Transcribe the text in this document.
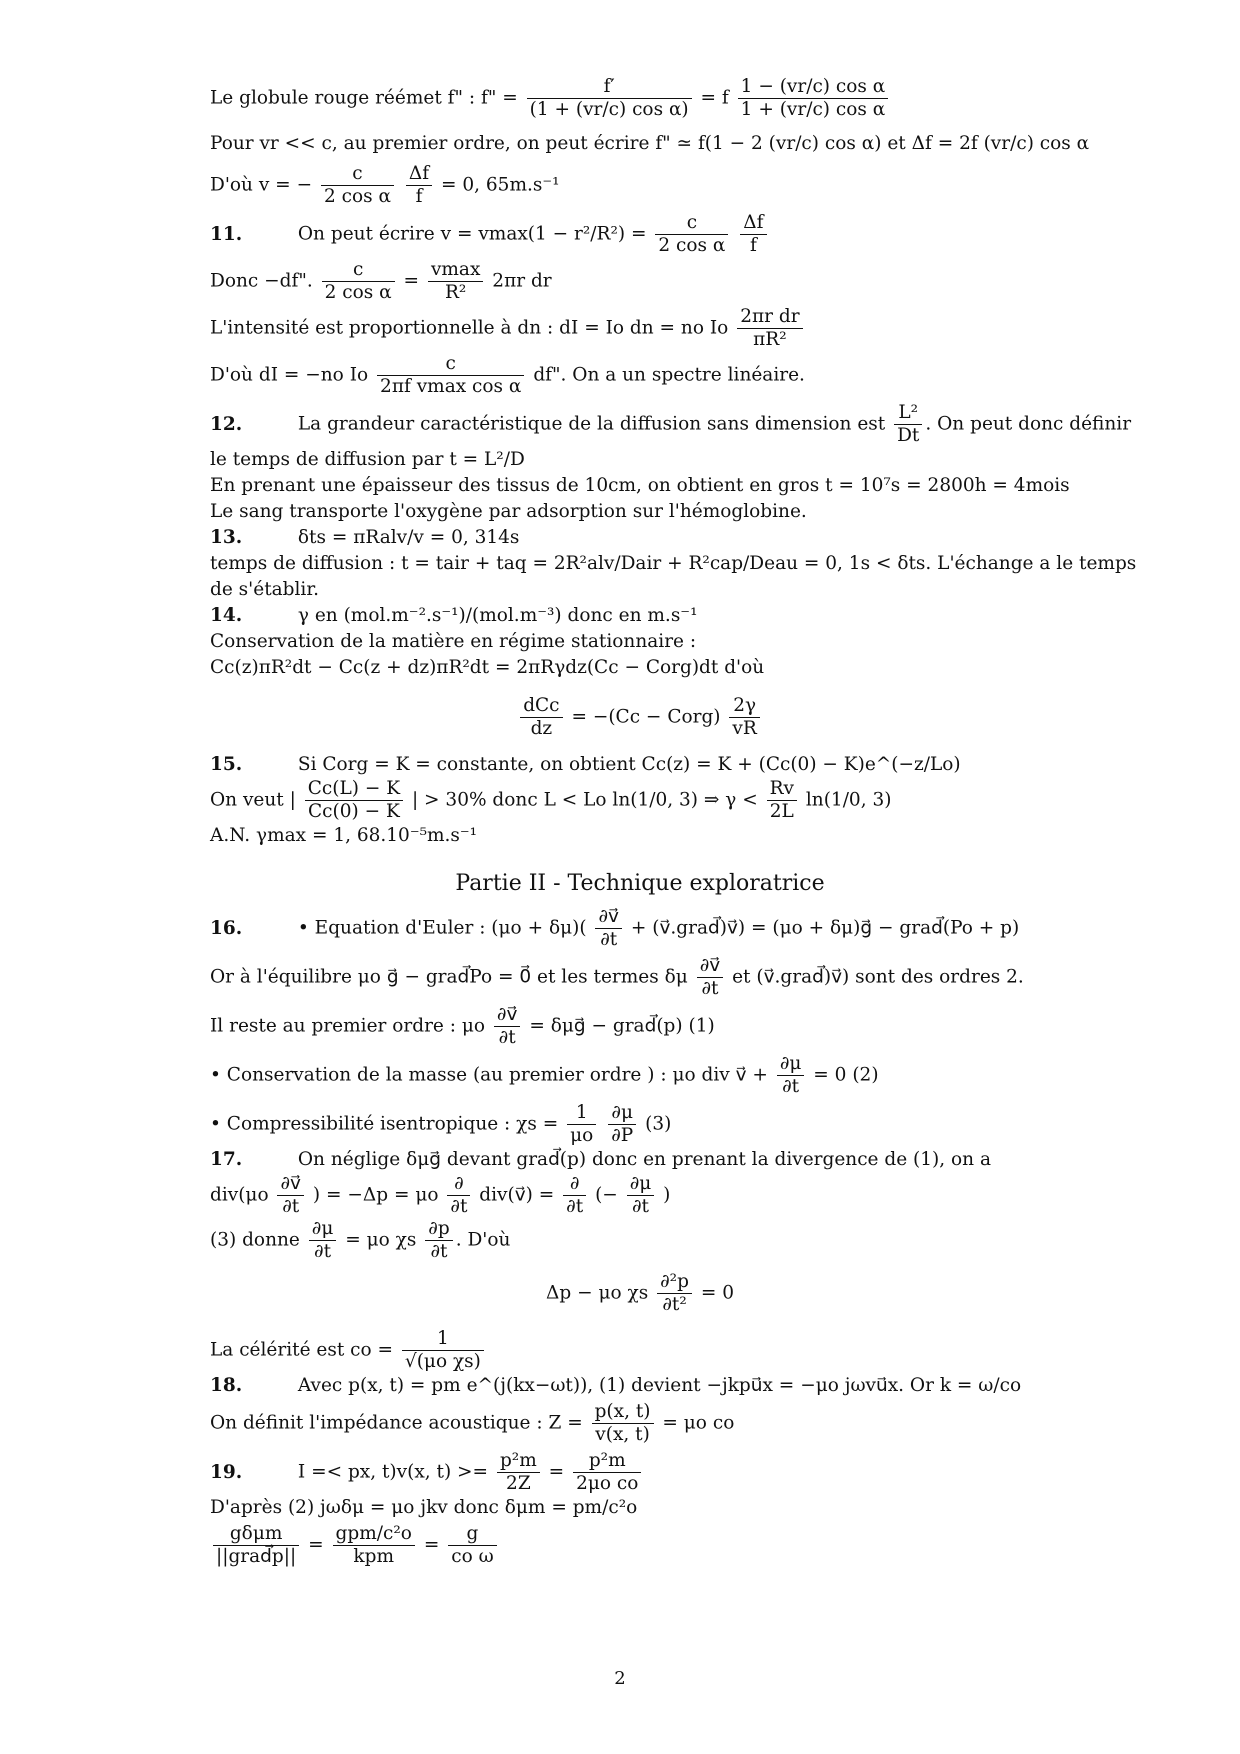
Le globule rouge réémet f" : f" = $\frac{f'}{\text{(1 + (vr/c) cos α)}} = f \frac{\text{1 − (vr/c) cos α}}{\text{1 + (vr/c) cos α}}$
Pour vr << c, au premier ordre, on peut écrire f" ≃ f(1 − 2 (vr/c) cos α) et Δf = 2f (vr/c) cos α
D'où v = − $\frac{c}{\text{2 cos α}}$
$\frac{\Delta f}{f} = 0$, 65m.s⁻¹
11.	On peut écrire $v = vmax(1 - r^2/R^2) = \frac{c}{\text{2 cos α}}$
$\frac{\Delta f}{f}$
Donc −df". $\frac{c}{\text{2 cos α}} = \frac{vmax}{\text{R²}} 2\pi r$ dr
L'intensité est proportionnelle à dn : dI = Io dn = no Io $\frac{\text{2πr dr}}{\text{πR²}}$
D'où dI = −no Io $\frac{c}{\text{2πf vmax cos α}}$ df". On a un spectre linéaire.
12.	La grandeur caractéristique de la diffusion sans dimension est $\frac{\text{L²}}{Dt}$ . On peut donc définir
le temps de diffusion par t = L²/D
En prenant une épaisseur des tissus de 10cm, on obtient en gros t = 10⁷s = 2800h = 4mois
Le sang transporte l'oxygène par adsorption sur l'hémoglobine.
13.	δts = πRalv/v = 0, 314s
temps de diffusion : t = tair + taq = 2R²alv/Dair + R²cap/Deau = 0, 1s < δts. L'échange a le temps
de s'établir.
14.	γ en (mol.m⁻².s⁻¹)/(mol.m⁻³) donc en m.s⁻¹
Conservation de la matière en régime stationnaire :
Cc(z)πR²dt − Cc(z + dz)πR²dt = 2πRγdz(Cc − Corg)dt d'où
$\frac{\text{dCc}}{dz} = -(Cc$ − Corg) $\frac{2\gamma}{vR}$
15.	Si Corg = K = constante, on obtient Cc(z) = K + (Cc(0) − K)e^(−z/Lo)
On veut | $\frac{Cc(L) - K}{Cc(0) - K}$ | > 30% donc L < Lo ln(1/0, 3) ⇒ $\gamma < \frac{Rv}{2L} \ln(1/0$, 3)
A.N. γmax = 1, 68.10⁻⁵m.s⁻¹
Partie II - Technique exploratrice
16.	• Equation d'Euler : $(\mu o + \delta\mu)( \frac{\partial v⃗}{\partial t}$ + (v⃗.grad⃗)v⃗) = (μo + δμ)g⃗ − grad⃗(Po + p)
Or à l'équilibre μo g⃗ − grad⃗Po = 0⃗ et les termes δμ $\frac{\partial v⃗}{\partial t}$ et (v⃗.grad⃗)v⃗) sont des ordres 2.
Il reste au premier ordre : μo $\frac{\partial v⃗}{\partial t}$ = δμg⃗ − grad⃗(p) (1)
• Conservation de la masse (au premier ordre ) : μo div v⃗ + $\frac{\partial\mu}{\partial t} = 0$ (2)
• Compressibilité isentropique : $\chi s = \frac{1}{\mu o}$
$\frac{\partial\mu}{\partial P} (3)$
17.	On néglige δμg⃗ devant grad⃗(p) donc en prenant la divergence de (1), on a
$div(\mu o \frac{\partial v⃗}{\partial t}$ ) = −Δp = μo $\frac{\partial}{\partial t}$ div(v⃗) = $\frac{\partial}{\partial t}$ (− $\frac{\partial\mu}{\partial t}$ )
(3) donne $\frac{\partial\mu}{\partial t} = \mu o$ χs $\frac{\partial p}{\partial t}$ . D'où
Δp − μo χs $\frac{\text{∂²p}}{\text{∂t²}} = 0$
La célérité est co = $\frac{1}{\text{√(μo χs)}}$
18.	Avec p(x, t) = pm e^(j(kx−ωt)), (1) devient −jkpu⃗x = −μo jωvu⃗x. Or k = ω/co
On définit l'impédance acoustique : $Z = \frac{p(x, t)}{v(x, t)} = \mu o$ co
19.	I =< px, t)v(x, $t) >= \frac{\text{p²m}}{2Z} = \frac{\text{p²m}}{\text{2μo co}}$
D'après (2) jωδμ = μo jkv donc δμm = pm/c²o
$\frac{\text{gδμm}}{\text{||grad⃗p||}} = \frac{\text{gpm/c²o}}{\text{kpm}} = \frac{g}{\text{co ω}}$
2
